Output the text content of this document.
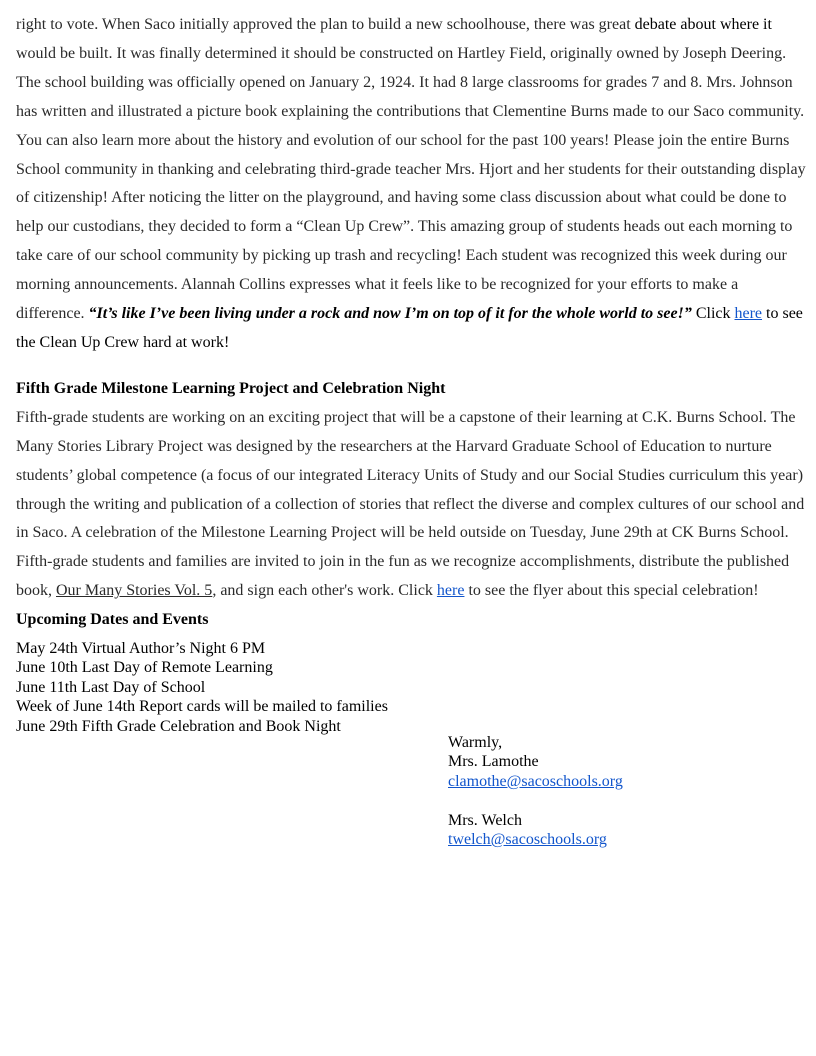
right to vote. When Saco initially approved the plan to build a new schoolhouse, there was great debate about where it would be built. It was finally determined it should be constructed on Hartley Field, originally owned by Joseph Deering. The school building was officially opened on January 2, 1924. It had 8 large classrooms for grades 7 and 8. Mrs. Johnson has written and illustrated a picture book explaining the contributions that Clementine Burns made to our Saco community. You can also learn more about the history and evolution of our school for the past 100 years! Please join the entire Burns School community in thanking and celebrating third-grade teacher Mrs. Hjort and her students for their outstanding display of citizenship! After noticing the litter on the playground, and having some class discussion about what could be done to help our custodians, they decided to form a “Clean Up Crew”. This amazing group of students heads out each morning to take care of our school community by picking up trash and recycling! Each student was recognized this week during our morning announcements. Alannah Collins expresses what it feels like to be recognized for your efforts to make a difference. “It’s like I’ve been living under a rock and now I’m on top of it for the whole world to see!” Click here to see the Clean Up Crew hard at work!

Fifth Grade Milestone Learning Project and Celebration Night

Fifth-grade students are working on an exciting project that will be a capstone of their learning at C.K. Burns School. The Many Stories Library Project was designed by the researchers at the Harvard Graduate School of Education to nurture students’ global competence (a focus of our integrated Literacy Units of Study and our Social Studies curriculum this year) through the writing and publication of a collection of stories that reflect the diverse and complex cultures of our school and in Saco. A celebration of the Milestone Learning Project will be held outside on Tuesday, June 29th at CK Burns School. Fifth-grade students and families are invited to join in the fun as we recognize accomplishments, distribute the published book, Our Many Stories Vol. 5, and sign each other's work. Click here to see the flyer about this special celebration!

Upcoming Dates and Events

May 24th Virtual Author’s Night 6 PM
June 10th Last Day of Remote Learning
June 11th Last Day of School
Week of June 14th Report cards will be mailed to families
June 29th Fifth Grade Celebration and Book Night
Warmly,
Mrs. Lamothe
clamothe@sacoschools.org
Mrs. Welch
twelch@sacoschools.org
